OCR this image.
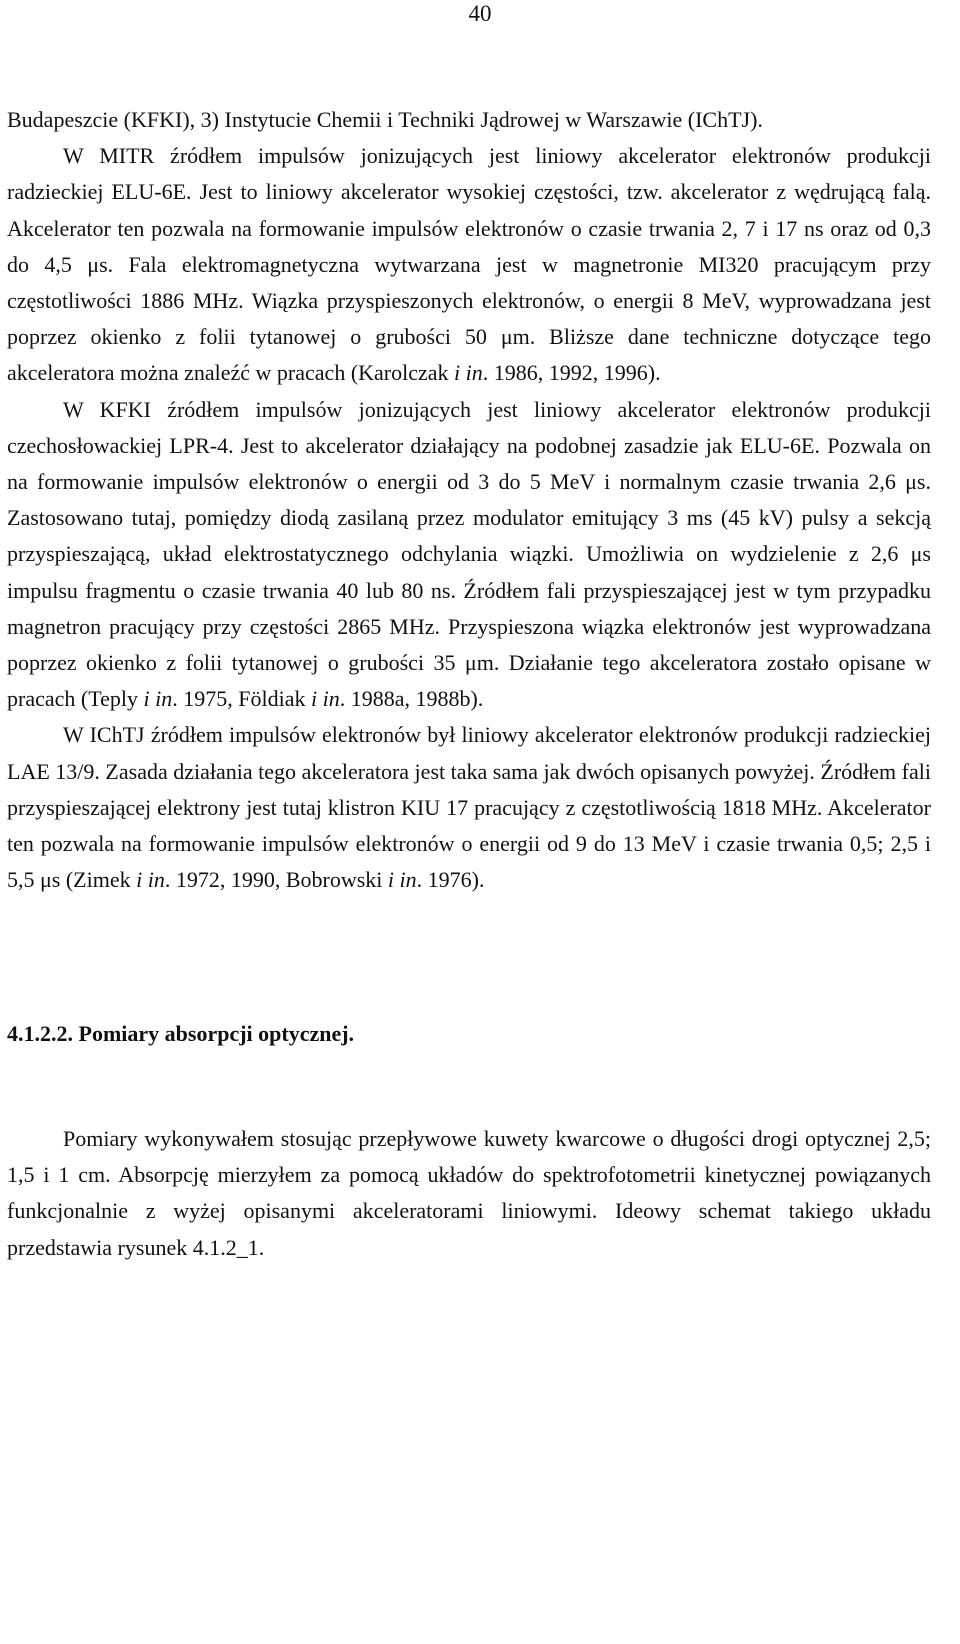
40

Budapeszcie (KFKI), 3) Instytucie Chemii i Techniki Jądrowej w Warszawie (IChTJ).

W MITR źródłem impulsów jonizujących jest liniowy akcelerator elektronów produkcji radzieckiej ELU-6E. Jest to liniowy akcelerator wysokiej częstości, tzw. akcelerator z wędrującą falą. Akcelerator ten pozwala na formowanie impulsów elektronów o czasie trwania 2, 7 i 17 ns oraz od 0,3 do 4,5 μs. Fala elektromagnetyczna wytwarzana jest w magnetronie MI320 pracującym przy częstotliwości 1886 MHz. Wiązka przyspieszonych elektronów, o energii 8 MeV, wyprowadzana jest poprzez okienko z folii tytanowej o grubości 50 μm. Bliższe dane techniczne dotyczące tego akceleratora można znaleźć w pracach (Karolczak i in. 1986, 1992, 1996).

W KFKI źródłem impulsów jonizujących jest liniowy akcelerator elektronów produkcji czechosłowackiej LPR-4. Jest to akcelerator działający na podobnej zasadzie jak ELU-6E. Pozwala on na formowanie impulsów elektronów o energii od 3 do 5 MeV i normalnym czasie trwania 2,6 μs. Zastosowano tutaj, pomiędzy diodą zasilaną przez modulator emitujący 3 ms (45 kV) pulsy a sekcją przyspieszającą, układ elektrostatycznego odchylania wiązki. Umożliwia on wydzielenie z 2,6 μs impulsu fragmentu o czasie trwania 40 lub 80 ns. Źródłem fali przyspieszającej jest w tym przypadku magnetron pracujący przy częstości 2865 MHz. Przyspieszona wiązka elektronów jest wyprowadzana poprzez okienko z folii tytanowej o grubości 35 μm. Działanie tego akceleratora zostało opisane w pracach (Teply i in. 1975, Földiak i in. 1988a, 1988b).

W IChTJ źródłem impulsów elektronów był liniowy akcelerator elektronów produkcji radzieckiej LAE 13/9. Zasada działania tego akceleratora jest taka sama jak dwóch opisanych powyżej. Źródłem fali przyspieszającej elektrony jest tutaj klistron KIU 17 pracujący z częstotliwością 1818 MHz. Akcelerator ten pozwala na formowanie impulsów elektronów o energii od 9 do 13 MeV i czasie trwania 0,5; 2,5 i 5,5 μs (Zimek i in. 1972, 1990, Bobrowski i in. 1976).

4.1.2.2. Pomiary absorpcji optycznej.

Pomiary wykonywałem stosując przepływowe kuwety kwarcowe o długości drogi optycznej 2,5; 1,5 i 1 cm. Absorpcję mierzyłem za pomocą układów do spektrofotometrii kinetycznej powiązanych funkcjonalnie z wyżej opisanymi akceleratorami liniowymi. Ideowy schemat takiego układu przedstawia rysunek 4.1.2_1.
